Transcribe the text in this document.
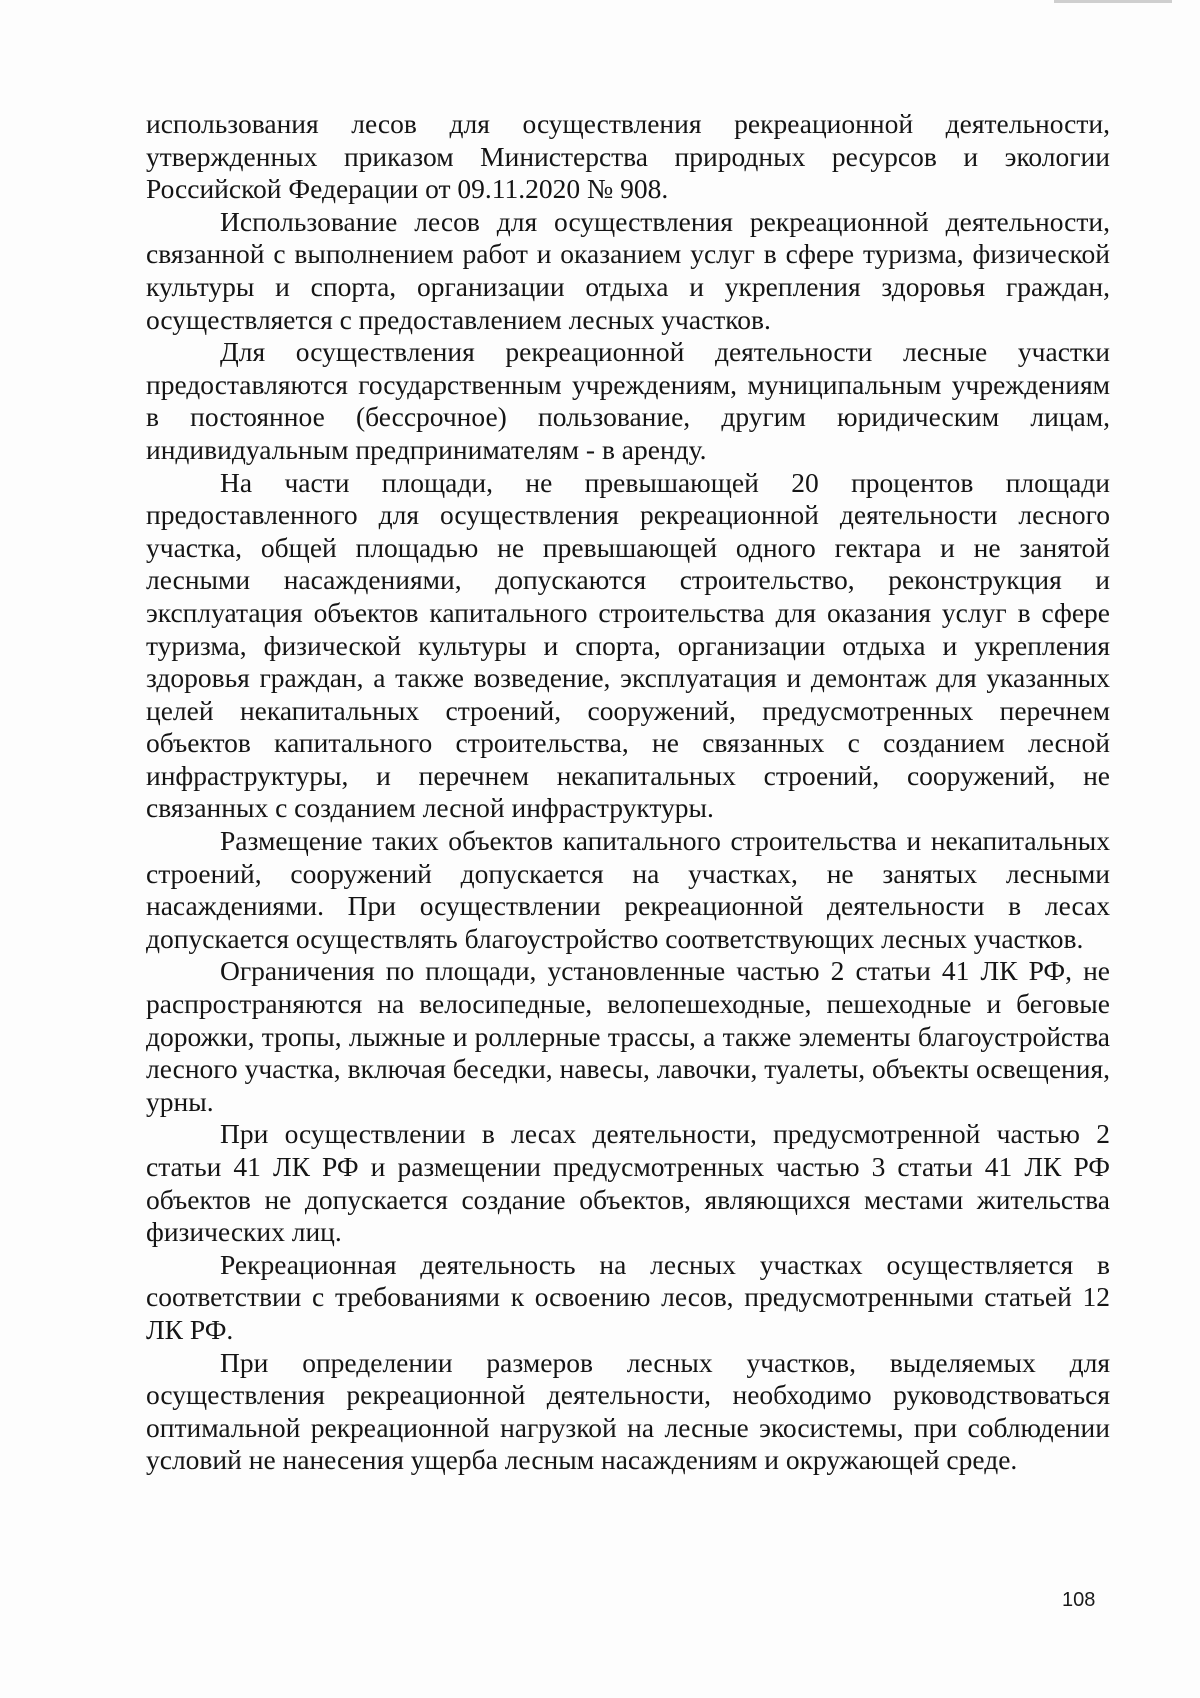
использования лесов для осуществления рекреационной деятельности, утвержденных приказом Министерства природных ресурсов и экологии Российской Федерации от 09.11.2020 № 908.

Использование лесов для осуществления рекреационной деятельности, связанной с выполнением работ и оказанием услуг в сфере туризма, физической культуры и спорта, организации отдыха и укрепления здоровья граждан, осуществляется с предоставлением лесных участков.

Для осуществления рекреационной деятельности лесные участки предоставляются государственным учреждениям, муниципальным учреждениям в постоянное (бессрочное) пользование, другим юридическим лицам, индивидуальным предпринимателям - в аренду.

На части площади, не превышающей 20 процентов площади предоставленного для осуществления рекреационной деятельности лесного участка, общей площадью не превышающей одного гектара и не занятой лесными насаждениями, допускаются строительство, реконструкция и эксплуатация объектов капитального строительства для оказания услуг в сфере туризма, физической культуры и спорта, организации отдыха и укрепления здоровья граждан, а также возведение, эксплуатация и демонтаж для указанных целей некапитальных строений, сооружений, предусмотренных перечнем объектов капитального строительства, не связанных с созданием лесной инфраструктуры, и перечнем некапитальных строений, сооружений, не связанных с созданием лесной инфраструктуры.

Размещение таких объектов капитального строительства и некапитальных строений, сооружений допускается на участках, не занятых лесными насаждениями. При осуществлении рекреационной деятельности в лесах допускается осуществлять благоустройство соответствующих лесных участков.

Ограничения по площади, установленные частью 2 статьи 41 ЛК РФ, не распространяются на велосипедные, велопешеходные, пешеходные и беговые дорожки, тропы, лыжные и роллерные трассы, а также элементы благоустройства лесного участка, включая беседки, навесы, лавочки, туалеты, объекты освещения, урны.

При осуществлении в лесах деятельности, предусмотренной частью 2 статьи 41 ЛК РФ и размещении предусмотренных частью 3 статьи 41 ЛК РФ объектов не допускается создание объектов, являющихся местами жительства физических лиц.

Рекреационная деятельность на лесных участках осуществляется в соответствии с требованиями к освоению лесов, предусмотренными статьей 12 ЛК РФ.

При определении размеров лесных участков, выделяемых для осуществления рекреационной деятельности, необходимо руководствоваться оптимальной рекреационной нагрузкой на лесные экосистемы, при соблюдении условий не нанесения ущерба лесным насаждениям и окружающей среде.

108
